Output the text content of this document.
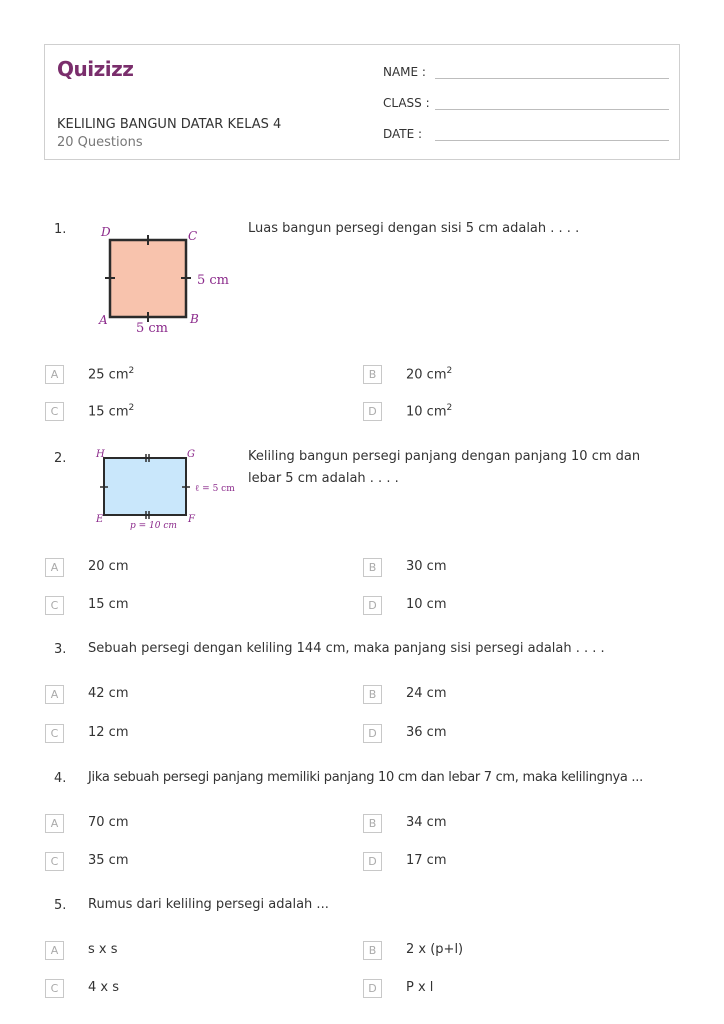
Quizizz
KELILING BANGUN DATAR KELAS 4
20 Questions
NAME :
CLASS :
DATE :
1.	D	C
A	B
5 cm
5 cm
Luas bangun persegi dengan sisi 5 cm adalah . . . .
A	25 $cm^2$	B	20 $cm^2$
C	15 $cm^2$	D	10 $cm^2$
2.	H	G
E	F
ℓ = 5 cm
p = 10 cm
Keliling bangun persegi panjang dengan panjang 10 cm dan lebar 5 cm adalah . . . .
A	20 cm	B	30 cm
C	15 cm	D	10 cm
3. Sebuah persegi dengan keliling 144 cm, maka panjang sisi persegi adalah . . . .
A	42 cm	B	24 cm
C	12 cm	D	36 cm
4. Jika sebuah persegi panjang memiliki panjang 10 cm dan lebar 7 cm, maka kelilingnya ...
A	70 cm	B	34 cm
C	35 cm	D	17 cm
5. Rumus dari keliling persegi adalah ...
A	s x s	B	2 x (p+l)
C	4 x s	D	P x l
